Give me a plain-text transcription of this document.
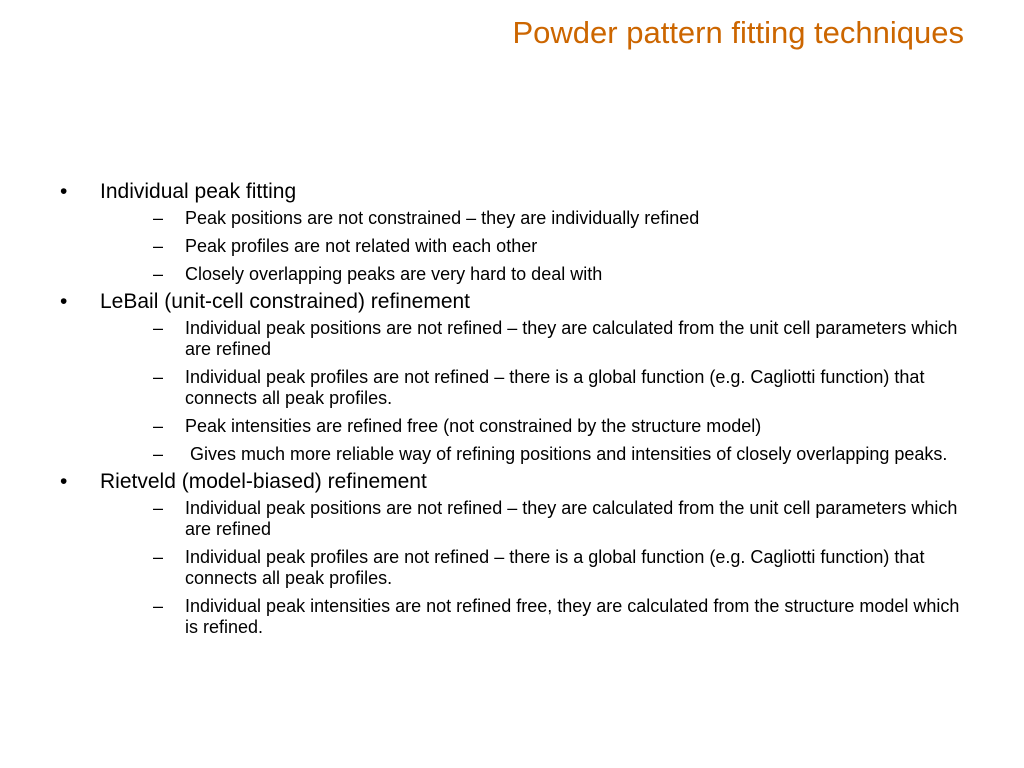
Powder pattern fitting techniques
•	Individual peak fitting
–	Peak positions are not constrained – they are individually refined
–	Peak profiles are not related with each other
–	Closely overlapping peaks are very hard to deal with
•	LeBail (unit-cell constrained) refinement
–	Individual peak positions are not refined – they are calculated from the unit cell parameters which are refined
–	Individual peak profiles are not refined – there is a global function (e.g. Cagliotti function) that connects all peak profiles.
–	Peak intensities are refined free (not constrained by the structure model)
–	Gives much more reliable way of refining positions and intensities of closely overlapping peaks.
•	Rietveld (model-biased) refinement
–	Individual peak positions are not refined – they are calculated from the unit cell parameters which are refined
–	Individual peak profiles are not refined – there is a global function (e.g. Cagliotti function) that connects all peak profiles.
–	Individual peak intensities are not refined free, they are calculated from the structure model which is refined.
